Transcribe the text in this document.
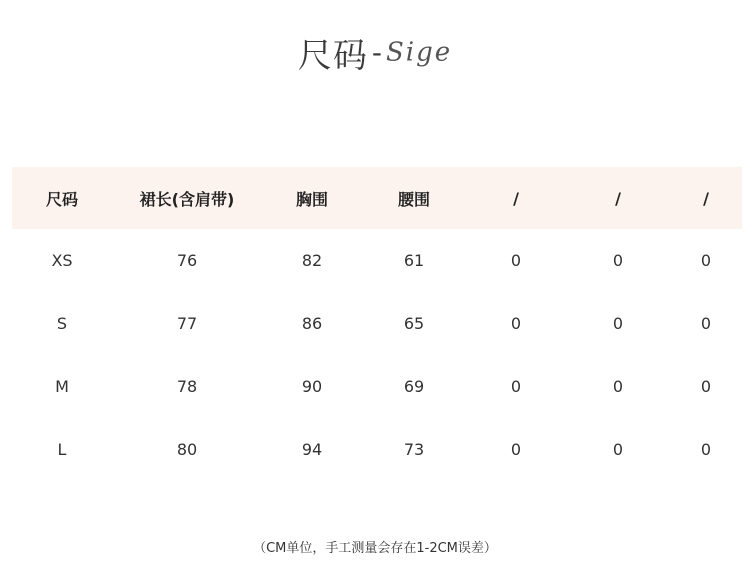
尺码 - Sige
尺码	裙长(含肩带)	胸围	腰围	/	/	/
XS	76	82	61	0	0	0
S	77	86	65	0	0	0
M	78	90	69	0	0	0
L	80	94	73	0	0	0
（CM单位，手工测量会存在1-2CM误差）
